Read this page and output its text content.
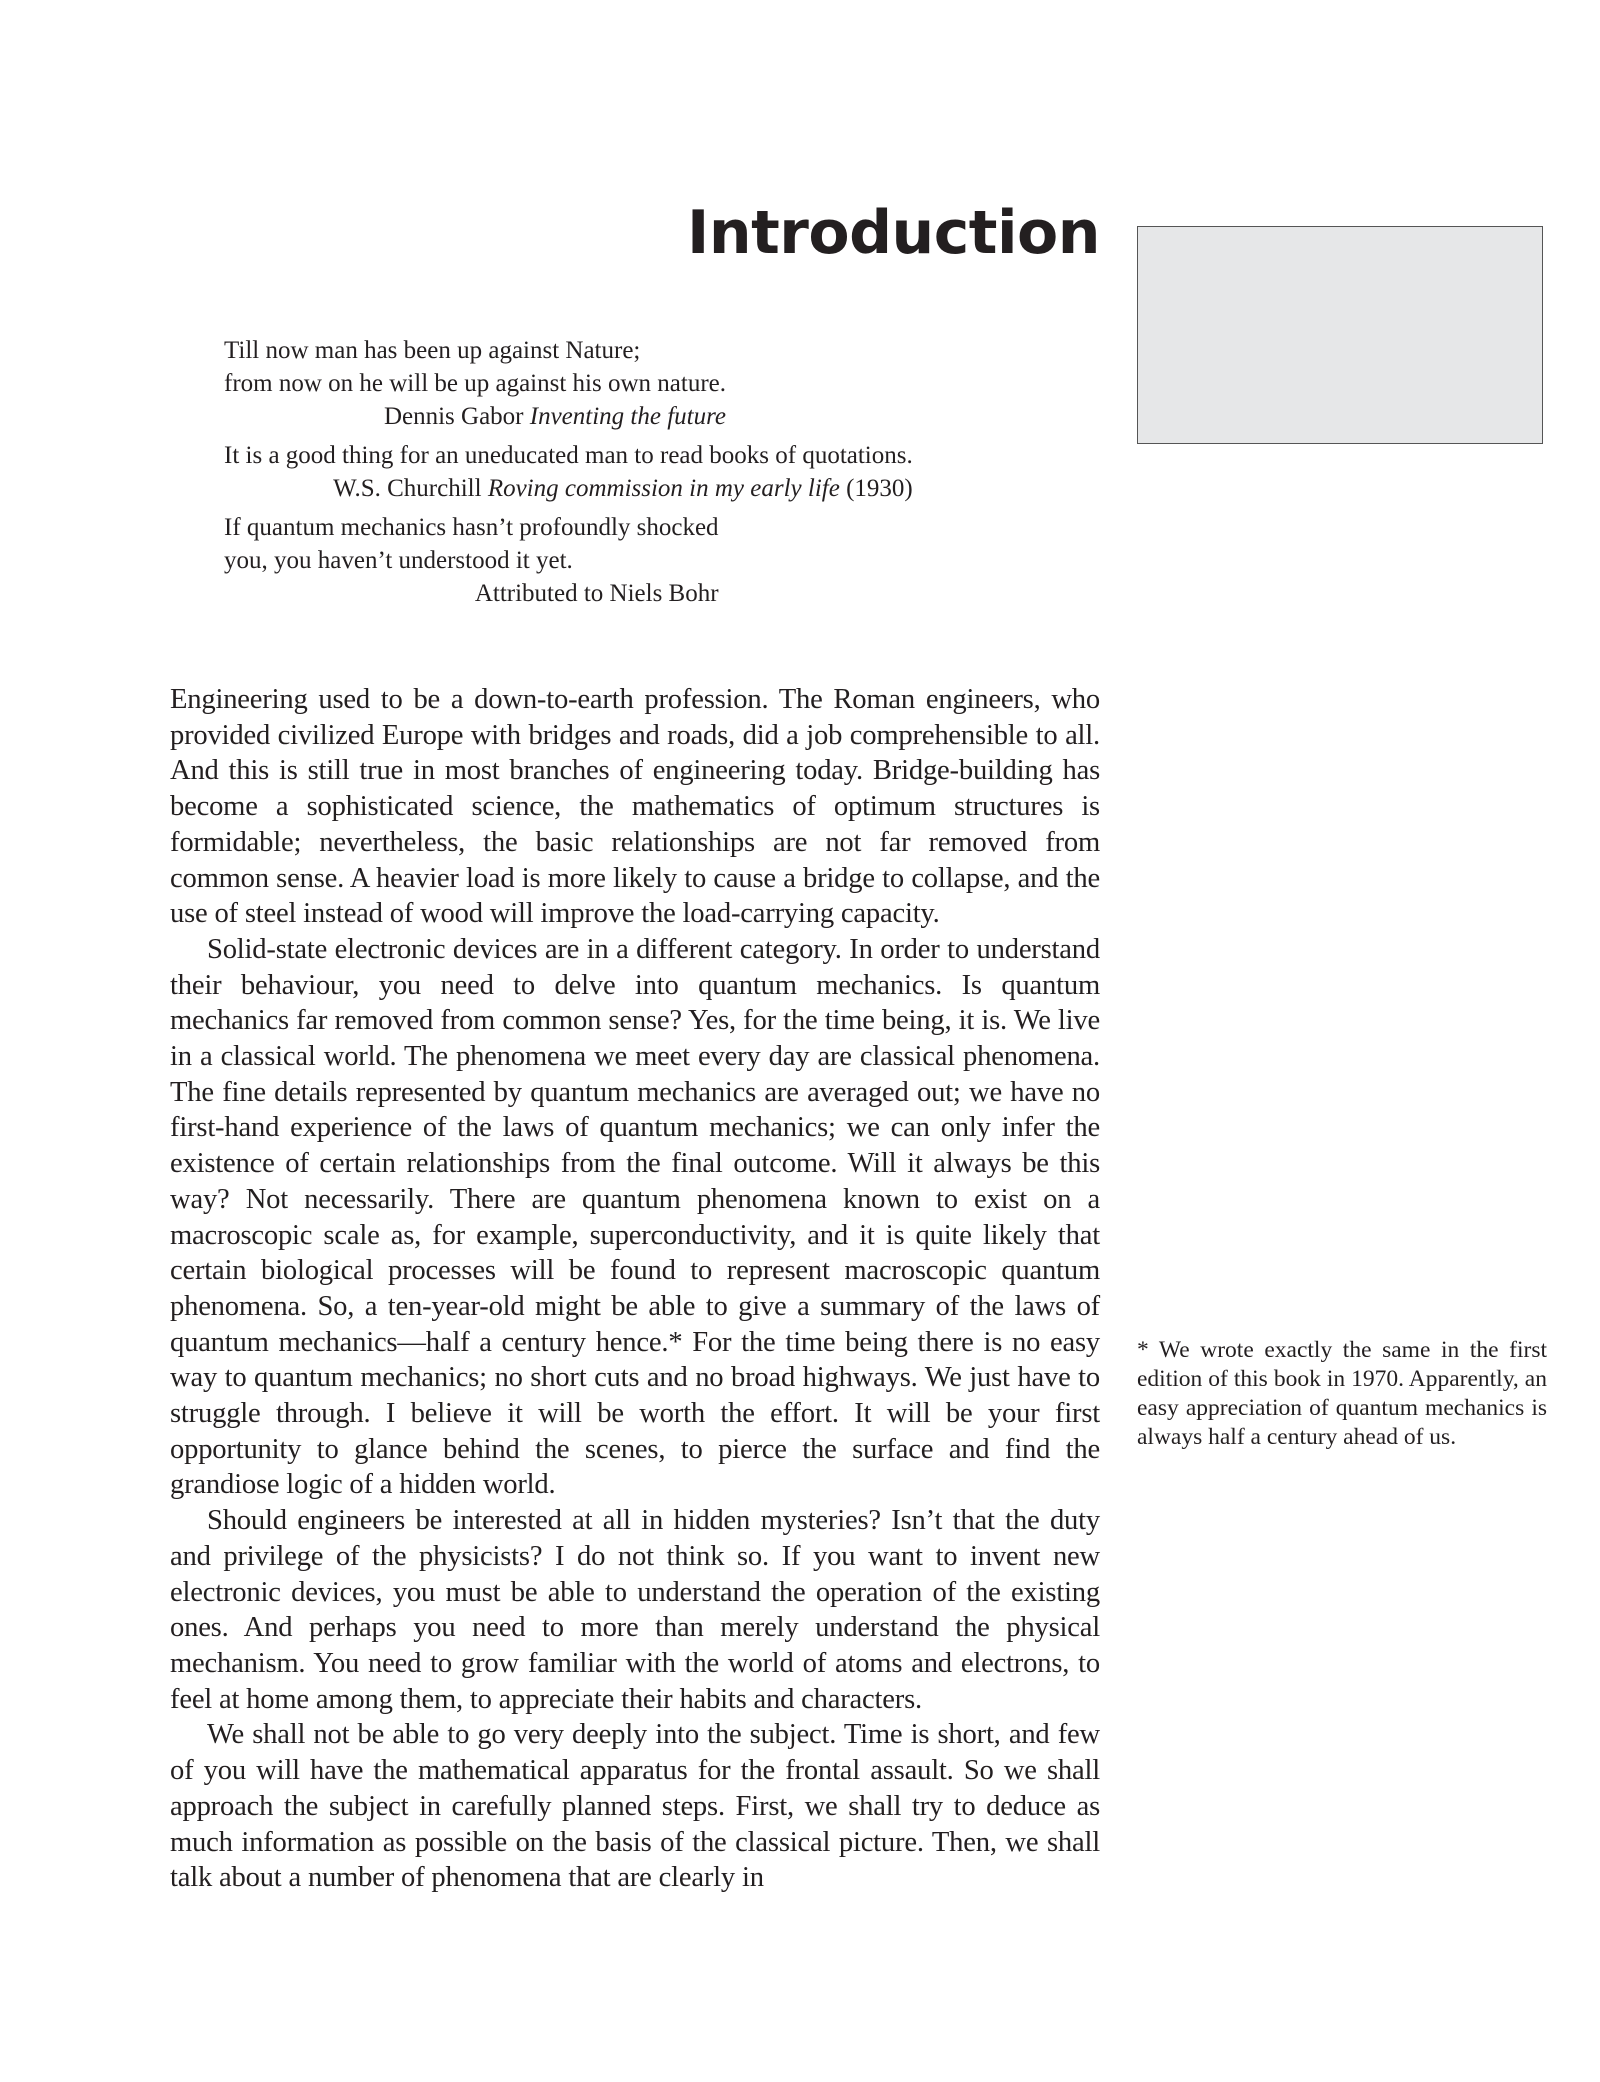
Introduction
Till now man has been up against Nature;
from now on he will be up against his own nature.
Dennis Gabor Inventing the future
It is a good thing for an uneducated man to read books of quotations.
W.S. Churchill Roving commission in my early life (1930)
If quantum mechanics hasn’t profoundly shocked
you, you haven’t understood it yet.
Attributed to Niels Bohr

Engineering used to be a down-to-earth profession. The Roman engineers, who provided civilized Europe with bridges and roads, did a job comprehensible to all. And this is still true in most branches of engineering today. Bridge-building has become a sophisticated science, the mathematics of optimum structures is formidable; nevertheless, the basic relationships are not far removed from common sense. A heavier load is more likely to cause a bridge to collapse, and the use of steel instead of wood will improve the load-carrying capacity.

Solid-state electronic devices are in a different category. In order to understand their behaviour, you need to delve into quantum mechanics. Is quantum mechanics far removed from common sense? Yes, for the time being, it is. We live in a classical world. The phenomena we meet every day are classical phenomena. The fine details represented by quantum mechanics are averaged out; we have no first-hand experience of the laws of quantum mechanics; we can only infer the existence of certain relationships from the final outcome. Will it always be this way? Not necessarily. There are quantum phenomena known to exist on a macroscopic scale as, for example, superconductivity, and it is quite likely that certain biological processes will be found to represent macroscopic quantum phenomena. So, a ten-year-old might be able to give a summary of the laws of quantum mechanics—half a century hence.* For the time being there is no easy way to quantum mechanics; no short cuts and no broad highways. We just have to struggle through. I believe it will be worth the effort. It will be your first opportunity to glance behind the scenes, to pierce the surface and find the grandiose logic of a hidden world.

Should engineers be interested at all in hidden mysteries? Isn’t that the duty and privilege of the physicists? I do not think so. If you want to invent new electronic devices, you must be able to understand the operation of the existing ones. And perhaps you need to more than merely understand the physical mechanism. You need to grow familiar with the world of atoms and electrons, to feel at home among them, to appreciate their habits and characters.

We shall not be able to go very deeply into the subject. Time is short, and few of you will have the mathematical apparatus for the frontal assault. So we shall approach the subject in carefully planned steps. First, we shall try to deduce as much information as possible on the basis of the classical picture. Then, we shall talk about a number of phenomena that are clearly in

* We wrote exactly the same in the first edition of this book in 1970. Apparently, an easy appreciation of quantum mechanics is always half a century ahead of us.
